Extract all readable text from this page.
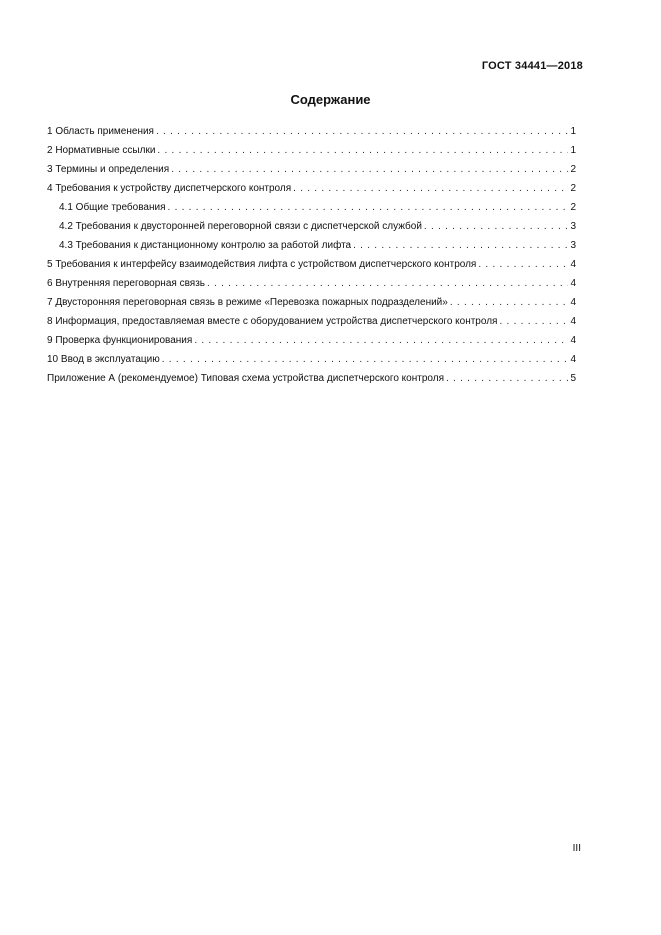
ГОСТ 34441—2018
Содержание
1 Область применения . . .	1
2 Нормативные ссылки . . .	1
3 Термины и определения . . .	2
4 Требования к устройству диспетчерского контроля . . .	2
4.1 Общие требования . . .	2
4.2 Требования к двусторонней переговорной связи с диспетчерской службой . . .	3
4.3 Требования к дистанционному контролю за работой лифта . . .	3
5 Требования к интерфейсу взаимодействия лифта с устройством диспетчерского контроля . . .	4
6 Внутренняя переговорная связь . . .	4
7 Двусторонняя переговорная связь в режиме «Перевозка пожарных подразделений» . . .	4
8 Информация, предоставляемая вместе с оборудованием устройства диспетчерского контроля . . .	4
9 Проверка функционирования . . .	4
10 Ввод в эксплуатацию . . .	4
Приложение А (рекомендуемое) Типовая схема устройства диспетчерского контроля . . .	5
III
